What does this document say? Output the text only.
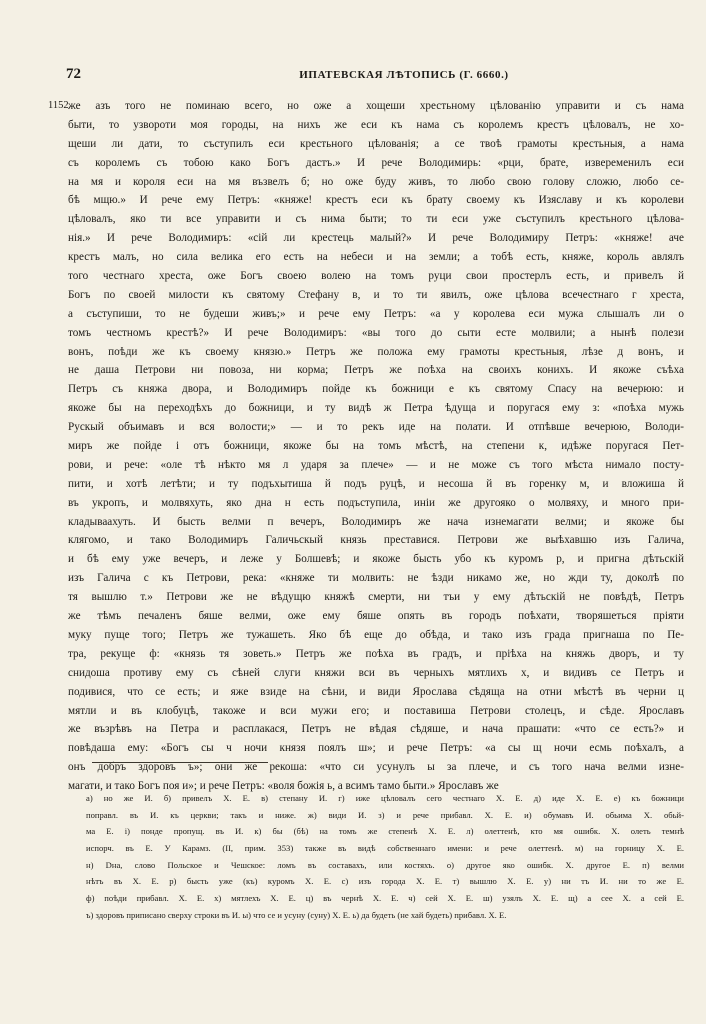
72	ИПАТЕВСКАЯ ЛѢТОПИСЬ (Г. 6660.)
1152 же азъ того не поминаю всего, но оже а хощеши хрестьному цѣлованiю управити и съ нама
быти, то узворoти моя городы, на нихъ же еси къ нама съ королемъ крестъ цѣловалъ, не хо-
щеши ли дати, то съступилъ еси крестьного цѣлованiя; а се твоѣ грамоты крестьныя, а нама
съ королемъ съ тобою како Богъ дастъ.» И рече Володимирь: «рци, брате, извеременилъ еси
на мя и короля еси на мя възвелъ б; но оже буду живъ, то любо свою голову сложю, любо се-
бѣ мщю.» И рече ему Петръ: «княже! крестъ еси къ брату своему къ Изяславу и къ королеви
цѣловалъ, яко ти все управити и съ нима быти; то ти еси уже съступилъ крестьного цѣлова-
нiя.» И рече Володимиръ: «сiй ли крестець малый?» И рече Володимиру Петръ: «княже! аче
крестъ малъ, но сила велика его есть на небеси и на земли; а тобѣ есть, княже, король авлялъ
того честнаго хреста, оже Богъ своею волею на томъ руци свои простерлъ есть, и привелъ й
Богъ по своей милости къ святому Стефану в, и то ти явилъ, оже цѣлова всечестнаго г хреста,
а съступиши, то не будеши живъ;» и рече ему Петръ: «а у королева еси мужа слышалъ ли о
томъ честномъ крестѣ?» И рече Володимиръ: «вы того до сыти есте молвили; а нынѣ полези
вонъ, поѣди же къ своему князю.» Петръ же положа ему грамоты крестьныя, лѣзе д вонъ, и
не даша Петрови ни повоза, ни корма; Петръ же поѣха на своихъ конихъ. И якоже съѣха
Петръ съ княжа двора, и Володимиръ пойде къ божници е къ святому Спасу на вечерюю: и
якоже бы на переходѣхъ до божници, и ту видѣ ж Петра ѣдуща и поругася ему з: «поѣха мужь
Рускый объимавъ и вся волости;» — и то рекъ иде на полати. И отпѣвше вечерюю, Володи-
миръ же пойде і отъ божници, якоже бы на томъ мѣстѣ, на степени к, идѣже поругася Пет-
рови, и рече: «оле тѣ нѣкто мя л ударя за плече» — и не може съ того мѣста нимало посту-
пити, и хотѣ летѣти; и ту подъхытиша й подъ руцѣ, и несоша й въ горенку м, и вложиша й
въ укропъ, и молвяхуть, яко дна н есть подъступила, инiи же другояко о молвяху, и много при-
кладываахуть. И бысть велми п вечеръ, Володимиръ же нача изнемагати велми; и якоже бы
клягомо, и тако Володимиръ Галичьскый князь преставися. Петрови же выѣхавшю изъ Галича,
и бѣ ему уже вечеръ, и леже у Болшевѣ; и якоже бысть убо къ куромъ р, и пригна дѣтьскій
изъ Галича с къ Петрови, река: «княже ти молвить: не ѣзди никамо же, но жди ту, доколѣ по
тя вышлю т.» Петрови же не вѣдущю княжѣ смерти, ни тъи у ему дѣтьскій не повѣдѣ, Петръ
же тѣмъ печаленъ бяше велми, оже ему бяше опять въ городъ поѣхати, творяшеться прiяти
муку пуще того; Петръ же тужашеть. Яко бѣ еще до обѣда, и тако изъ града пригнаша по Пе-
тра, рекуще ф: «князь тя зоветь.» Петръ же поѣха въ градъ, и прiѣха на княжь дворъ, и ту
снидоша противу ему съ сѣней слуги княжи вси въ черныхъ мятлихъ х, и видивъ се Петръ и
подивися, что се есть; и яже взиде на сѣни, и види Ярослава сѣдяща на отни мѣстѣ въ черни ц
мятли и въ клобуцѣ, такоже и вси мужи его; и поставиша Петрови столецъ, и сѣде. Ярославъ
же възрѣвъ на Петра и расплакася, Петръ не вѣдая сѣдяше, и нача прашати: «что се есть?» и
повѣдаша ему: «Богъ сы ч ночи князя поялъ ш»; и рече Петръ: «а сы щ ночи есмь поѣхалъ, а
онъ добръ здоровъ ъ»; они же рекоша: «что си усунулъ ы за плече, и съ того нача велми изне-
магати, и тако Богъ поя и»; и рече Петръ: «воля божія ь, а всимъ тамо быти.» Ярославъ же
а) но же И. б) привелъ Х. Е. в) степану И. г) иже цѣловалъ сего честнаго Х. Е. д) иде Х. Е. е) къ божници
поправл. въ И. къ церкви; такъ и ниже. ж) види И. з) и рече прибавл. Х. Е. и) обумавъ И. обьима Х. обьй-
ма Е. і) понде пропущ. въ И. к) бы (бѣ) на томъ же степенѣ Х. Е. л) олеттенѣ, кто мя ошибк. Х. олеть темнѣ
испорч. въ Е. У Карамз. (II, прим. 353) также въ видѣ собственнаго имени: и рече олеттенѣ. м) на горницу Х. Е.
н) Dна, слово Польское и Чешское: ломъ въ составахъ, или костяхъ. о) другое яко ошибк. Х. другое Е. п) велми
нѣтъ въ Х. Е. р) бысть уже (къ) куромъ Х. Е. с) изъ города Х. Е. т) вышлю Х. Е. у) ни тъ И. ни то же Е.
ф) поѣди прибавл. Х. Е. х) мятлехъ Х. Е. ц) въ чернѣ Х. Е. ч) сей Х. Е. ш) узялъ Х. Е. щ) а сее Х. а сей Е.
ъ) здоровъ приписано сверху строки въ И. ы) что се и усуну (суну) Х. Е. ь) да будеть (не хай будеть) прибавл. Х. Е.
